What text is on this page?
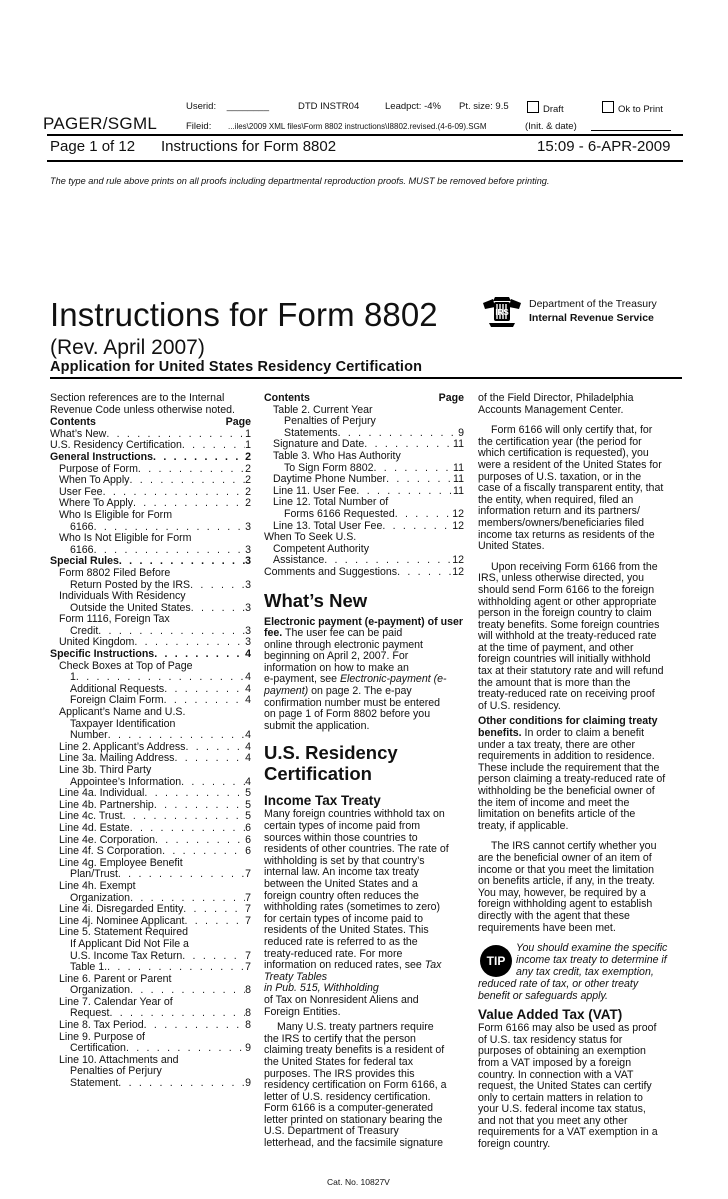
Userid: ________	DTD INSTR04	Leadpct: -4% Pt. size: 9.5	Draft	Ok to Print
PAGER/SGML	Fileid: ...iles\2009 XML files\Form 8802 instructions\I8802.revised.(4-6-09).SGM	(Init. & date)
Page 1 of 12 Instructions for Form 8802	15:09 - 6-APR-2009
The type and rule above prints on all proofs including departmental reproduction proofs. MUST be removed before printing.
Instructions for Form 8802	IRS
Department of the Treasury
Internal Revenue Service
(Rev. April 2007)
Application for United States Residency Certification
Section references are to the Internal
Revenue Code unless otherwise noted.
Contents	Page
What’s New . . .	1
U.S. Residency Certification . . .	1
General Instructions . . .	2
Purpose of Form . . .	2
When To Apply . . .	2
User Fee . . .	2
Where To Apply . . .	2
Who Is Eligible for Form
6166 . . .	3
Who Is Not Eligible for Form
6166 . . .	3
Special Rules . . .	3
Form 8802 Filed Before
Return Posted by the IRS . . .	3
Individuals With Residency
Outside the United States . . .	3
Form 1116, Foreign Tax
Credit . . .	3
United Kingdom . . .	3
Specific Instructions . . .	4
Check Boxes at Top of Page
1 . . .	4
Additional Requests . . .	4
Foreign Claim Form . . .	4
Applicant’s Name and U.S.
Taxpayer Identification
Number . . .	4
Line 2. Applicant’s Address . . .	4
Line 3a. Mailing Address . . .	4
Line 3b. Third Party
Appointee’s Information . . .	4
Line 4a. Individual . . .	5
Line 4b. Partnership . . .	5
Line 4c. Trust . . .	5
Line 4d. Estate . . .	6
Line 4e. Corporation . . .	6
Line 4f. S Corporation . . .	6
Line 4g. Employee Benefit
Plan/Trust . . .	7
Line 4h. Exempt
Organization . . .	7
Line 4i. Disregarded Entity . . .	7
Line 4j. Nominee Applicant . . .	7
Line 5. Statement Required
If Applicant Did Not File a
U.S. Income Tax Return . . .	7
Table 1. . . .	7
Line 6. Parent or Parent
Organization . . .	8
Line 7. Calendar Year of
Request . . .	8
Line 8. Tax Period . . .	8
Line 9. Purpose of
Certification . . .	9
Line 10. Attachments and
Penalties of Perjury
Statement . . .	9
Contents	Page
Table 2. Current Year
Penalties of Perjury
Statements . . .	9
Signature and Date . . .	11
Table 3. Who Has Authority
To Sign Form 8802 . . .	11
Daytime Phone Number . . .	11
Line 11. User Fee . . .	11
Line 12. Total Number of
Forms 6166 Requested . . .	12
Line 13. Total User Fee . . .	12
When To Seek U.S.
Competent Authority
Assistance . . .	12
Comments and Suggestions . . .	12
What’s New
Electronic payment (e-payment) of user fee. The user fee can be paid
online through electronic payment
beginning on April 2, 2007. For
information on how to make an
e-payment, see Electronic-payment (e-payment) on page 2. The e-pay
confirmation number must be entered
on page 1 of Form 8802 before you
submit the application.
U.S. Residency
Certification
Income Tax Treaty
Many foreign countries withhold tax on
certain types of income paid from
sources within those countries to
residents of other countries. The rate of
withholding is set by that country’s
internal law. An income tax treaty
between the United States and a
foreign country often reduces the
withholding rates (sometimes to zero)
for certain types of income paid to
residents of the United States. This
reduced rate is referred to as the
treaty-reduced rate. For more
information on reduced rates, see Tax Treaty Tables
in Pub. 515, Withholding
of Tax on Nonresident Aliens and
Foreign Entities.
Many U.S. treaty partners require
the IRS to certify that the person
claiming treaty benefits is a resident of
the United States for federal tax
purposes. The IRS provides this
residency certification on Form 6166, a
letter of U.S. residency certification.
Form 6166 is a computer-generated
letter printed on stationary bearing the
U.S. Department of Treasury
letterhead, and the facsimile signature
of the Field Director, Philadelphia
Accounts Management Center.
Form 6166 will only certify that, for
the certification year (the period for
which certification is requested), you
were a resident of the United States for
purposes of U.S. taxation, or in the
case of a fiscally transparent entity, that
the entity, when required, filed an
information return and its partners/
members/owners/beneficiaries filed
income tax returns as residents of the
United States.
Upon receiving Form 6166 from the
IRS, unless otherwise directed, you
should send Form 6166 to the foreign
withholding agent or other appropriate
person in the foreign country to claim
treaty benefits. Some foreign countries
will withhold at the treaty-reduced rate
at the time of payment, and other
foreign countries will initially withhold
tax at their statutory rate and will refund
the amount that is more than the
treaty-reduced rate on receiving proof
of U.S. residency.
Other conditions for claiming treaty
benefits. In order to claim a benefit
under a tax treaty, there are other
requirements in addition to residence.
These include the requirement that the
person claiming a treaty-reduced rate of
withholding be the beneficial owner of
the item of income and meet the
limitation on benefits article of the
treaty, if applicable.
The IRS cannot certify whether you
are the beneficial owner of an item of
income or that you meet the limitation
on benefits article, if any, in the treaty.
You may, however, be required by a
foreign withholding agent to establish
directly with the agent that these
requirements have been met.
TIP
You should examine the specific
income tax treaty to determine if
any tax credit, tax exemption,
reduced rate of tax, or other treaty
benefit or safeguards apply.
Value Added Tax (VAT)
Form 6166 may also be used as proof
of U.S. tax residency status for
purposes of obtaining an exemption
from a VAT imposed by a foreign
country. In connection with a VAT
request, the United States can certify
only to certain matters in relation to
your U.S. federal income tax status,
and not that you meet any other
requirements for a VAT exemption in a
foreign country.
Cat. No. 10827V
